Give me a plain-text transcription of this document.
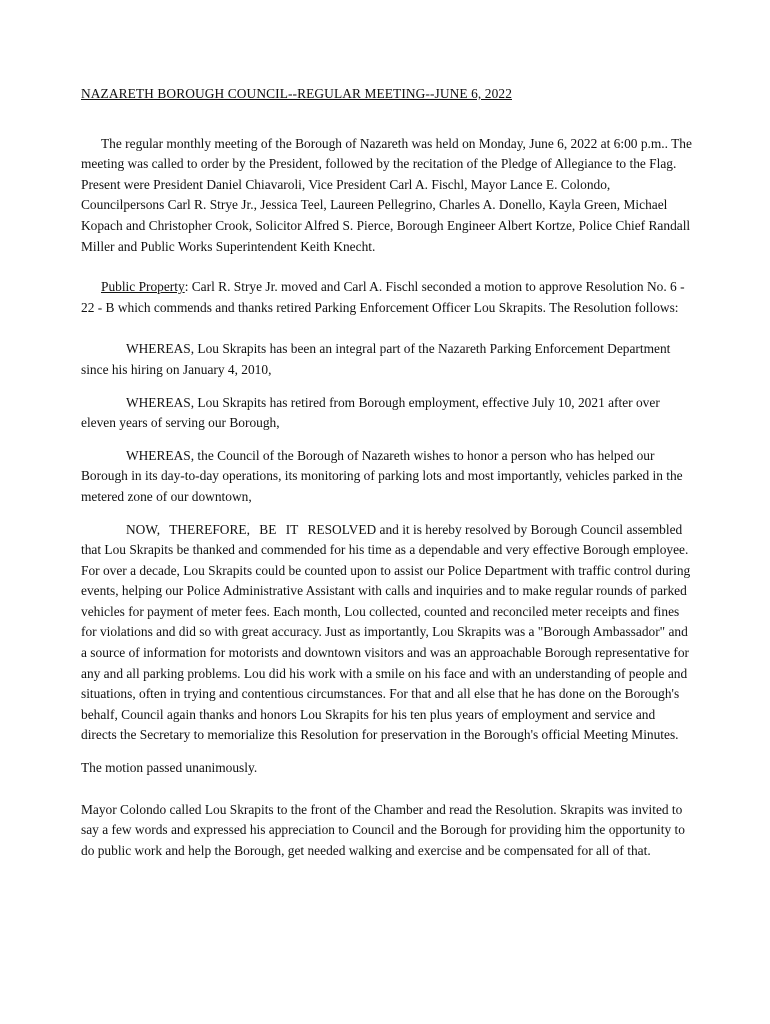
NAZARETH BOROUGH COUNCIL--REGULAR MEETING--JUNE 6, 2022

The regular monthly meeting of the Borough of Nazareth was held on Monday, June 6, 2022 at 6:00 p.m.. The meeting was called to order by the President, followed by the recitation of the Pledge of Allegiance to the Flag. Present were President Daniel Chiavaroli, Vice President Carl A. Fischl, Mayor Lance E. Colondo, Councilpersons Carl R. Strye Jr., Jessica Teel, Laureen Pellegrino, Charles A. Donello, Kayla Green, Michael Kopach and Christopher Crook, Solicitor Alfred S. Pierce, Borough Engineer Albert Kortze, Police Chief Randall Miller and Public Works Superintendent Keith Knecht.

Public Property: Carl R. Strye Jr. moved and Carl A. Fischl seconded a motion to approve Resolution No. 6 - 22 - B which commends and thanks retired Parking Enforcement Officer Lou Skrapits. The Resolution follows:

WHEREAS, Lou Skrapits has been an integral part of the Nazareth Parking Enforcement Department since his hiring on January 4, 2010,

WHEREAS, Lou Skrapits has retired from Borough employment, effective July 10, 2021 after over eleven years of serving our Borough,

WHEREAS, the Council of the Borough of Nazareth wishes to honor a person who has helped our Borough in its day-to-day operations, its monitoring of parking lots and most importantly, vehicles parked in the metered zone of our downtown,

NOW, THEREFORE, BE IT RESOLVED and it is hereby resolved by Borough Council assembled that Lou Skrapits be thanked and commended for his time as a dependable and very effective Borough employee. For over a decade, Lou Skrapits could be counted upon to assist our Police Department with traffic control during events, helping our Police Administrative Assistant with calls and inquiries and to make regular rounds of parked vehicles for payment of meter fees. Each month, Lou collected, counted and reconciled meter receipts and fines for violations and did so with great accuracy. Just as importantly, Lou Skrapits was a "Borough Ambassador" and a source of information for motorists and downtown visitors and was an approachable Borough representative for any and all parking problems. Lou did his work with a smile on his face and with an understanding of people and situations, often in trying and contentious circumstances. For that and all else that he has done on the Borough's behalf, Council again thanks and honors Lou Skrapits for his ten plus years of employment and service and directs the Secretary to memorialize this Resolution for preservation in the Borough's official Meeting Minutes.

The motion passed unanimously.

Mayor Colondo called Lou Skrapits to the front of the Chamber and read the Resolution. Skrapits was invited to say a few words and expressed his appreciation to Council and the Borough for providing him the opportunity to do public work and help the Borough, get needed walking and exercise and be compensated for all of that.
